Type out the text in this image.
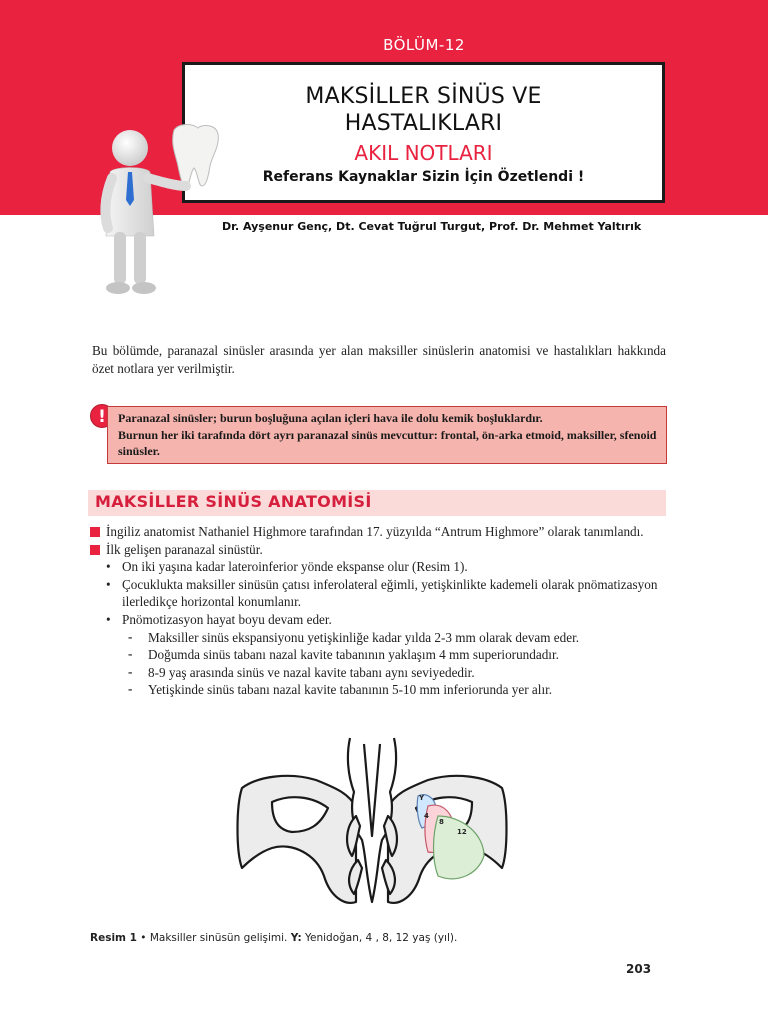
BÖLÜM-12
MAKSİLLER SİNÜS VE
HASTALIKLARI
AKIL NOTLARI
Referans Kaynaklar Sizin İçin Özetlendi !
Dr. Ayşenur Genç, Dt. Cevat Tuğrul Turgut, Prof. Dr. Mehmet Yaltırık

Bu bölümde, paranazal sinüsler arasında yer alan maksiller sinüslerin anatomisi ve hastalıkları hakkında özet notlara yer verilmiştir.

!	Paranazal sinüsler; burun boşluğuna açılan içleri hava ile dolu kemik boşluklardır.
Burnun her iki tarafında dört ayrı paranazal sinüs mevcuttur: frontal, ön-arka etmoid, maksiller, sfenoid sinüsler.
MAKSİLLER SİNÜS ANATOMİSİ
İngiliz anatomist Nathaniel Highmore tarafından 17. yüzyılda “Antrum Highmore” olarak tanımlandı.
İlk gelişen paranazal sinüstür.
• On iki yaşına kadar lateroinferior yönde ekspanse olur (Resim 1).
• Çocuklukta maksiller sinüsün çatısı inferolateral eğimli, yetişkinlikte kademeli olarak pnömatizasyon ilerledikçe horizontal konumlanır.
• Pnömotizasyon hayat boyu devam eder.
- Maksiller sinüs ekspansiyonu yetişkinliğe kadar yılda 2-3 mm olarak devam eder.
- Doğumda sinüs tabanı nazal kavite tabanının yaklaşım 4 mm superiorundadır.
- 8-9 yaş arasında sinüs ve nazal kavite tabanı aynı seviyededir.
- Yetişkinde sinüs tabanı nazal kavite tabanının 5-10 mm inferiorunda yer alır.
Y
4
8
12
Resim 1 • Maksiller sinüsün gelişimi. Y: Yenidoğan, 4 , 8, 12 yaş (yıl).
203
